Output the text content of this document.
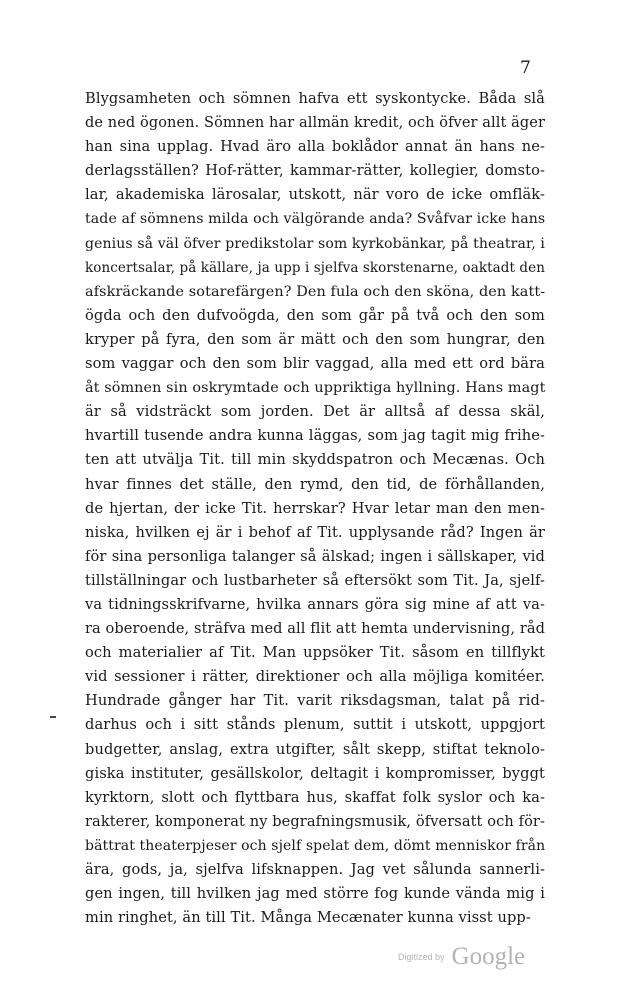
7
Blygsamheten och sömnen hafva ett syskontycke. Båda slå
de ned ögonen. Sömnen har allmän kredit, och öfver allt äger
han sina upplag. Hvad äro alla boklådor annat än hans ne-
derlagsställen? Hof-rätter, kammar-rätter, kollegier, domsto-
lar, akademiska lärosalar, utskott, när voro de icke omfläk-
tade af sömnens milda och välgörande anda? Svåfvar icke hans
genius så väl öfver predikstolar som kyrkobänkar, på theatrar, i
koncertsalar, på källare, ja upp i sjelfva skorstenarne, oaktadt den
afskräckande sotarefärgen? Den fula och den sköna, den katt-
ögda och den dufvoögda, den som går på två och den som
kryper på fyra, den som är mätt och den som hungrar, den
som vaggar och den som blir vaggad, alla med ett ord bära
åt sömnen sin oskrymtade och uppriktiga hyllning. Hans magt
är så vidsträckt som jorden. Det är alltså af dessa skäl,
hvartill tusende andra kunna läggas, som jag tagit mig frihe-
ten att utvälja Tit. till min skyddspatron och Mecænas. Och
hvar finnes det ställe, den rymd, den tid, de förhållanden,
de hjertan, der icke Tit. herrskar? Hvar letar man den men-
niska, hvilken ej är i behof af Tit. upplysande råd? Ingen är
för sina personliga talanger så älskad; ingen i sällskaper, vid
tillställningar och lustbarheter så eftersökt som Tit. Ja, sjelf-
va tidningsskrifvarne, hvilka annars göra sig mine af att va-
ra oberoende, sträfva med all flit att hemta undervisning, råd
och materialier af Tit. Man uppsöker Tit. såsom en tillflykt
vid sessioner i rätter, direktioner och alla möjliga komitéer.
Hundrade gånger har Tit. varit riksdagsman, talat på rid-
darhus och i sitt stånds plenum, suttit i utskott, uppgjort
budgetter, anslag, extra utgifter, sålt skepp, stiftat teknolo-
giska instituter, gesällskolor, deltagit i kompromisser, byggt
kyrktorn, slott och flyttbara hus, skaffat folk syslor och ka-
rakterer, komponerat ny begrafningsmusik, öfversatt och för-
bättrat theaterpjeser och sjelf spelat dem, dömt menniskor från
ära, gods, ja, sjelfva lifsknappen. Jag vet sålunda sannerli-
gen ingen, till hvilken jag med större fog kunde vända mig i
min ringhet, än till Tit. Många Mecænater kunna visst upp-
Digitized by Google
